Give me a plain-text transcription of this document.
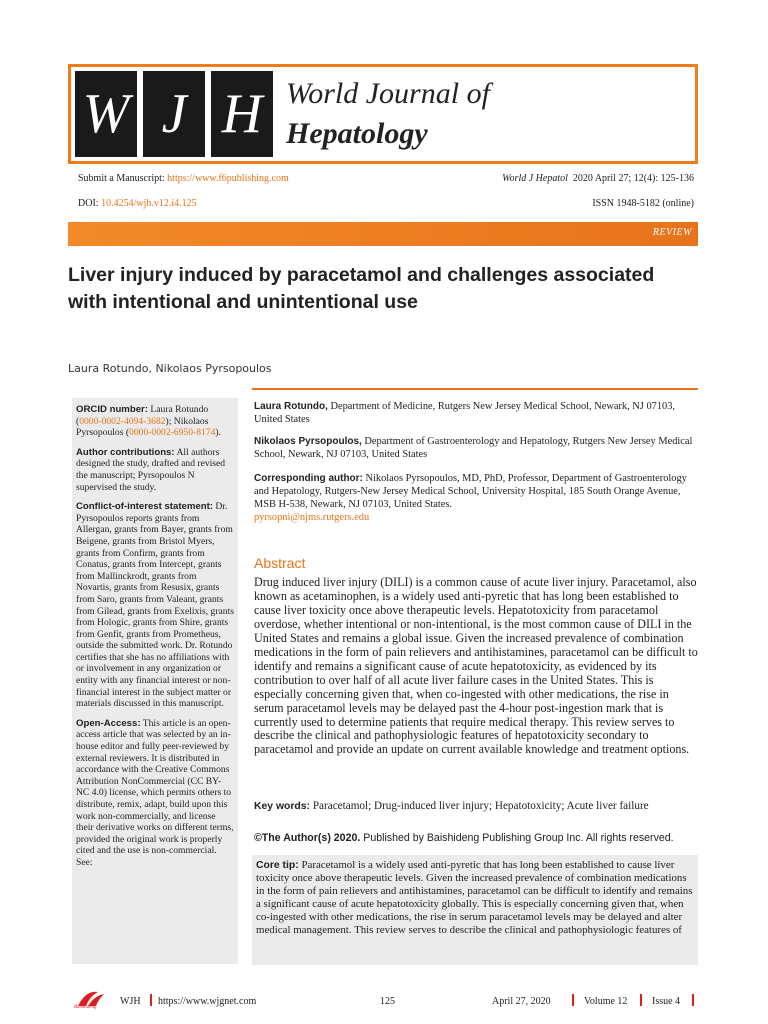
W J H World Journal of
Hepatology
Submit a Manuscript: https://www.f6publishing.com	World J Hepatol 2020 April 27; 12(4): 125-136
DOI: 10.4254/wjh.v12.i4.125	ISSN 1948-5182 (online)
REVIEW
Liver injury induced by paracetamol and challenges associated with intentional and unintentional use
Laura Rotundo, Nikolaos Pyrsopoulos
ORCID number: Laura Rotundo (0000-0002-4094-3682); Nikolaos Pyrsopoulos (0000-0002-6950-8174).
Author contributions: All authors designed the study, drafted and revised the manuscript; Pyrsopoulos N supervised the study.
Conflict-of-interest statement: Dr. Pyrsopoulos reports grants from Allergan, grants from Bayer, grants from Beigene, grants from Bristol Myers, grants from Confirm, grants from Conatus, grants from Intercept, grants from Mallinckrodt, grants from Novartis, grants from Resusix, grants from Saro, grants from Valeant, grants from Gilead, grants from Exelixis, grants from Hologic, grants from Shire, grants from Genfit, grants from Prometheus, outside the submitted work. Dr. Rotundo certifies that she has no affiliations with or involvement in any organization or entity with any financial interest or non-financial interest in the subject matter or materials discussed in this manuscript.
Open-Access: This article is an open-access article that was selected by an in-house editor and fully peer-reviewed by external reviewers. It is distributed in accordance with the Creative Commons Attribution NonCommercial (CC BY-NC 4.0) license, which permits others to distribute, remix, adapt, build upon this work non-commercially, and license their derivative works on different terms, provided the original work is properly cited and the use is non-commercial. See:
Laura Rotundo, Department of Medicine, Rutgers New Jersey Medical School, Newark, NJ 07103, United States
Nikolaos Pyrsopoulos, Department of Gastroenterology and Hepatology, Rutgers New Jersey Medical School, Newark, NJ 07103, United States
Corresponding author: Nikolaos Pyrsopoulos, MD, PhD, Professor, Department of Gastroenterology and Hepatology, Rutgers-New Jersey Medical School, University Hospital, 185 South Orange Avenue, MSB H-538, Newark, NJ 07103, United States.
pyrsopni@njms.rutgers.edu
Abstract
Drug induced liver injury (DILI) is a common cause of acute liver injury. Paracetamol, also known as acetaminophen, is a widely used anti-pyretic that has long been established to cause liver toxicity once above therapeutic levels. Hepatotoxicity from paracetamol overdose, whether intentional or non-intentional, is the most common cause of DILI in the United States and remains a global issue. Given the increased prevalence of combination medications in the form of pain relievers and antihistamines, paracetamol can be difficult to identify and remains a significant cause of acute hepatotoxicity, as evidenced by its contribution to over half of all acute liver failure cases in the United States. This is especially concerning given that, when co-ingested with other medications, the rise in serum paracetamol levels may be delayed past the 4-hour post-ingestion mark that is currently used to determine patients that require medical therapy. This review serves to describe the clinical and pathophysiologic features of hepatotoxicity secondary to paracetamol and provide an update on current available knowledge and treatment options.
Key words: Paracetamol; Drug-induced liver injury; Hepatotoxicity; Acute liver failure
©The Author(s) 2020. Published by Baishideng Publishing Group Inc. All rights reserved.
Core tip: Paracetamol is a widely used anti-pyretic that has long been established to cause liver toxicity once above therapeutic levels. Given the increased prevalence of combination medications in the form of pain relievers and antihistamines, paracetamol can be difficult to identify and remains a significant cause of acute hepatotoxicity globally. This is especially concerning given that, when co-ingested with other medications, the rise in serum paracetamol levels may be delayed and alter medical management. This review serves to describe the clinical and pathophysiologic features of
Baishideng
WJH https://www.wjgnet.com	125	April 27, 2020	Volume 12 Issue 4
